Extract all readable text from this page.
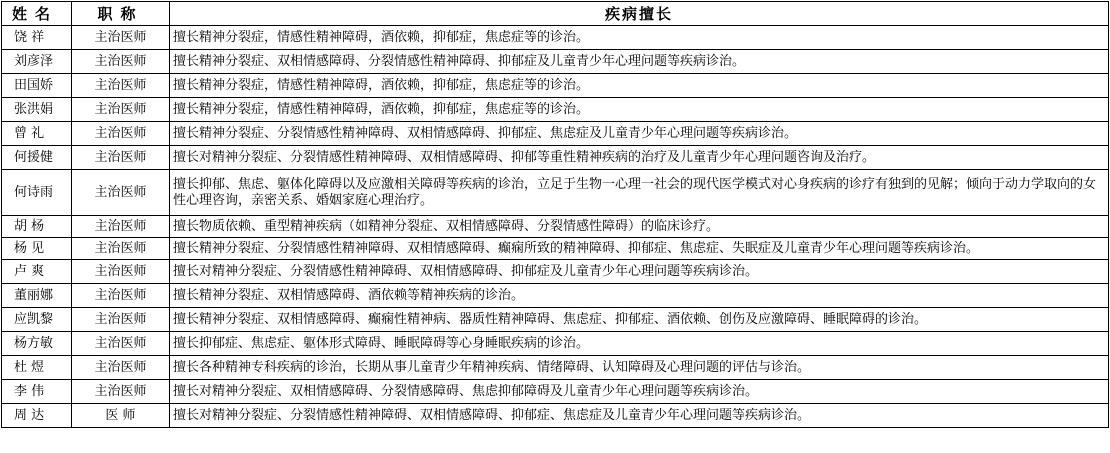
姓名	职称	疾病擅长
饶 祥	主治医师	擅长精神分裂症，情感性精神障碍，酒依赖，抑郁症，焦虑症等的诊治。
刘彦泽	主治医师	擅长精神分裂症、双相情感障碍、分裂情感性精神障碍、抑郁症及儿童青少年心理问题等疾病诊治。
田国娇	主治医师	擅长精神分裂症，情感性精神障碍，酒依赖，抑郁症，焦虑症等的诊治。
张洪娟	主治医师	擅长精神分裂症，情感性精神障碍，酒依赖，抑郁症，焦虑症等的诊治。
曾 礼	主治医师	擅长精神分裂症、分裂情感性精神障碍、双相情感障碍、抑郁症、焦虑症及儿童青少年心理问题等疾病诊治。
何援健	主治医师	擅长对精神分裂症、分裂情感性精神障碍、双相情感障碍、抑郁等重性精神疾病的治疗及儿童青少年心理问题咨询及治疗。
何诗雨	主治医师	擅长抑郁、焦虑、躯体化障碍以及应激相关障碍等疾病的诊治，立足于生物一心理一社会的现代医学模式对心身疾病的诊疗有独到的见解；倾向于动力学取向的女性心理咨询，亲密关系、婚姻家庭心理治疗。
胡 杨	主治医师	擅长物质依赖、重型精神疾病（如精神分裂症、双相情感障碍、分裂情感性障碍）的临床诊疗。
杨 见	主治医师	擅长精神分裂症、分裂情感性精神障碍、双相情感障碍、癫痫所致的精神障碍、抑郁症、焦虑症、失眠症及儿童青少年心理问题等疾病诊治。
卢 爽	主治医师	擅长对精神分裂症、分裂情感性精神障碍、双相情感障碍、抑郁症及儿童青少年心理问题等疾病诊治。
董丽娜	主治医师	擅长精神分裂症、双相情感障碍、酒依赖等精神疾病的诊治。
应凯黎	主治医师	擅长精神分裂症、双相情感障碍、癫痫性精神病、器质性精神障碍、焦虑症、抑郁症、酒依赖、创伤及应激障碍、睡眠障碍的诊治。
杨方敏	主治医师	擅长抑郁症、焦虑症、躯体形式障碍、睡眠障碍等心身睡眠疾病的诊治。
杜 煜	主治医师	擅长各种精神专科疾病的诊治，长期从事儿童青少年精神疾病、情绪障碍、认知障碍及心理问题的评估与诊治。
李 伟	主治医师	擅长对精神分裂症、双相情感障碍、分裂情感障碍、焦虑抑郁障碍及儿童青少年心理问题等疾病诊治。
周 达	医 师	擅长对精神分裂症、分裂情感性精神障碍、双相情感障碍、抑郁症、焦虑症及儿童青少年心理问题等疾病诊治。
